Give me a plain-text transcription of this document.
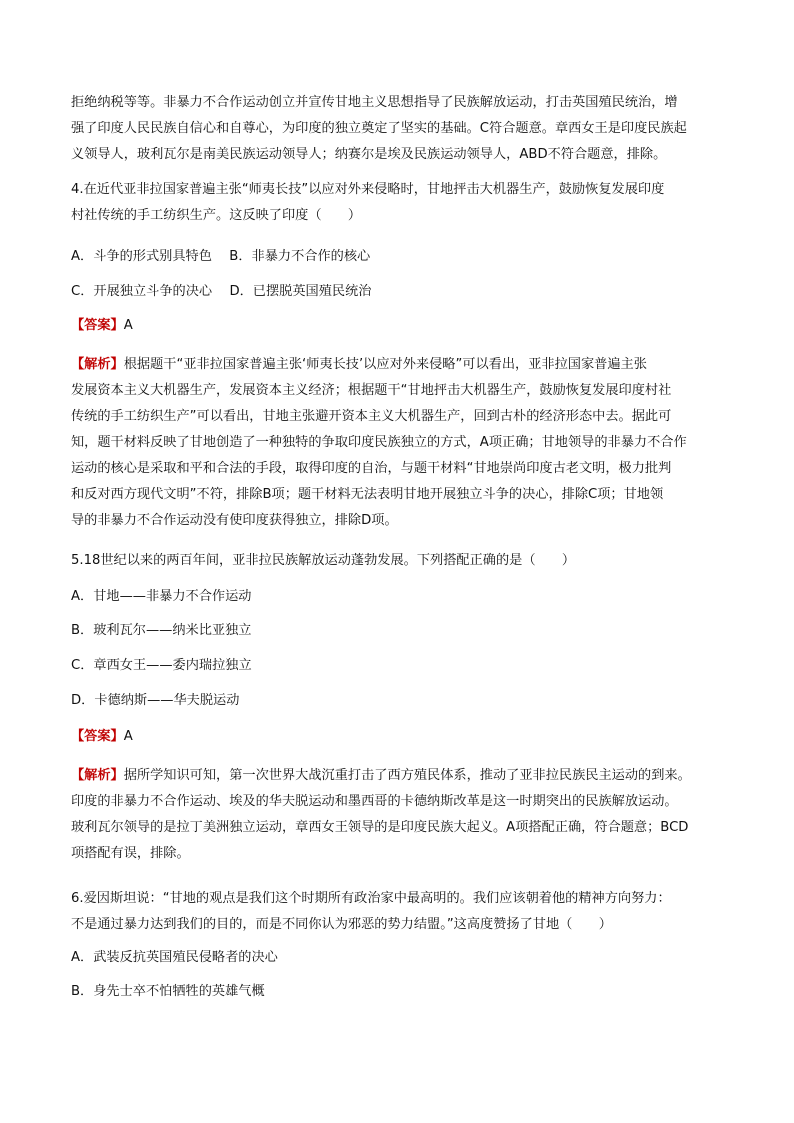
拒绝纳税等等。非暴力不合作运动创立并宣传甘地主义思想指导了民族解放运动，打击英国殖民统治，增
强了印度人民民族自信心和自尊心，为印度的独立奠定了坚实的基础。C符合题意。章西女王是印度民族起
义领导人，玻利瓦尔是南美民族运动领导人；纳赛尔是埃及民族运动领导人，ABD不符合题意，排除。
4.在近代亚非拉国家普遍主张“师夷长技”以应对外来侵略时，甘地抨击大机器生产，鼓励恢复发展印度
村社传统的手工纺织生产。这反映了印度（　　）
A．斗争的形式别具特色　 B．非暴力不合作的核心
C．开展独立斗争的决心　 D．已摆脱英国殖民统治
【答案】A
【解析】根据题干“亚非拉国家普遍主张‘师夷长技’以应对外来侵略”可以看出，亚非拉国家普遍主张
发展资本主义大机器生产，发展资本主义经济；根据题干“甘地抨击大机器生产，鼓励恢复发展印度村社
传统的手工纺织生产”可以看出，甘地主张避开资本主义大机器生产，回到古朴的经济形态中去。据此可
知，题干材料反映了甘地创造了一种独特的争取印度民族独立的方式，A项正确；甘地领导的非暴力不合作
运动的核心是采取和平和合法的手段，取得印度的自治，与题干材料“甘地崇尚印度古老文明，极力批判
和反对西方现代文明”不符，排除B项；题干材料无法表明甘地开展独立斗争的决心，排除C项；甘地领
导的非暴力不合作运动没有使印度获得独立，排除D项。
5.18世纪以来的两百年间，亚非拉民族解放运动蓬勃发展。下列搭配正确的是（　　）
A．甘地——非暴力不合作运动
B．玻利瓦尔——纳米比亚独立
C．章西女王——委内瑞拉独立
D．卡德纳斯——华夫脱运动
【答案】A
【解析】据所学知识可知，第一次世界大战沉重打击了西方殖民体系，推动了亚非拉民族民主运动的到来。
印度的非暴力不合作运动、埃及的华夫脱运动和墨西哥的卡德纳斯改革是这一时期突出的民族解放运动。
玻利瓦尔领导的是拉丁美洲独立运动，章西女王领导的是印度民族大起义。A项搭配正确，符合题意；BCD
项搭配有误，排除。
6.爱因斯坦说：“甘地的观点是我们这个时期所有政治家中最高明的。我们应该朝着他的精神方向努力：
不是通过暴力达到我们的目的，而是不同你认为邪恶的势力结盟。”这高度赞扬了甘地（　　）
A．武装反抗英国殖民侵略者的决心
B．身先士卒不怕牺牲的英雄气概
